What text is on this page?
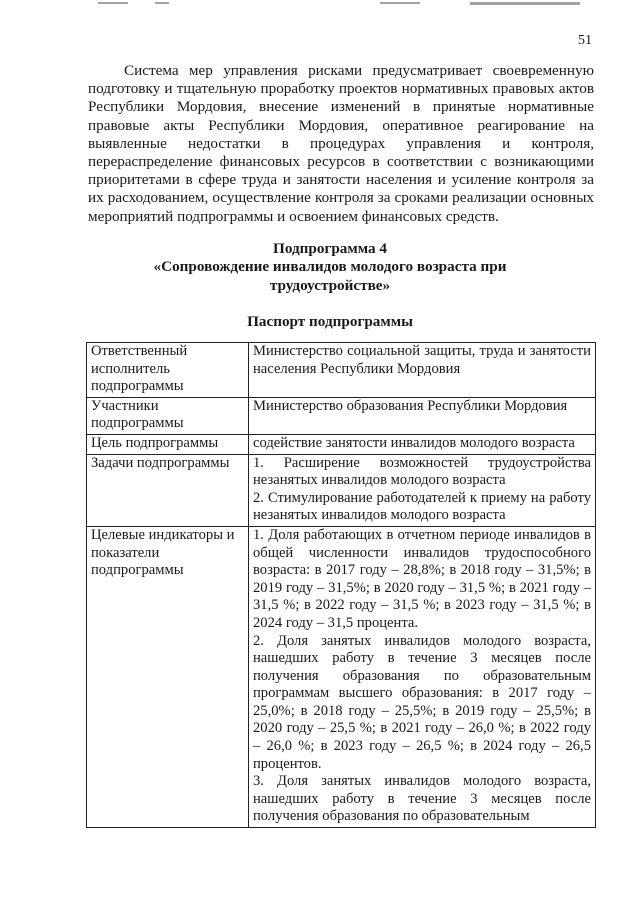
51

Система мер управления рисками предусматривает своевременную подготовку и тщательную проработку проектов нормативных правовых актов Республики Мордовия, внесение изменений в принятые нормативные правовые акты Республики Мордовия, оперативное реагирование на выявленные недостатки в процедурах управления и контроля, перераспределение финансовых ресурсов в соответствии с возникающими приоритетами в сфере труда и занятости населения и усиление контроля за их расходованием, осуществление контроля за сроками реализации основных мероприятий подпрограммы и освоением финансовых средств.

Подпрограмма 4
«Сопровождение инвалидов молодого возраста при
трудоустройстве»
Паспорт подпрограммы
Ответственный исполнитель подпрограммы	Министерство социальной защиты, труда и занятости населения Республики Мордовия

Участники подпрограммы	Министерство образования Республики Мордовия

Цель подпрограммы	содействие занятости инвалидов молодого возраста

Задачи подпрограммы	1. Расширение возможностей трудоустройства незанятых инвалидов молодого возраста

2. Стимулирование работодателей к приему на работу незанятых инвалидов молодого возраста

Целевые индикаторы и показатели подпрограммы	1. Доля работающих в отчетном периоде инвалидов в общей численности инвалидов трудоспособного возраста: в 2017 году – 28,8%; в 2018 году – 31,5%; в 2019 году – 31,5%; в 2020 году – 31,5 %; в 2021 году – 31,5 %; в 2022 году – 31,5 %; в 2023 году – 31,5 %; в 2024 году – 31,5 процента.

2. Доля занятых инвалидов молодого возраста, нашедших работу в течение 3 месяцев после получения образования по образовательным программам высшего образования: в 2017 году – 25,0%; в 2018 году – 25,5%; в 2019 году – 25,5%; в 2020 году – 25,5 %; в 2021 году – 26,0 %; в 2022 году – 26,0 %; в 2023 году – 26,5 %; в 2024 году – 26,5 процентов.

3. Доля занятых инвалидов молодого возраста, нашедших работу в течение 3 месяцев после получения образования по образовательным
